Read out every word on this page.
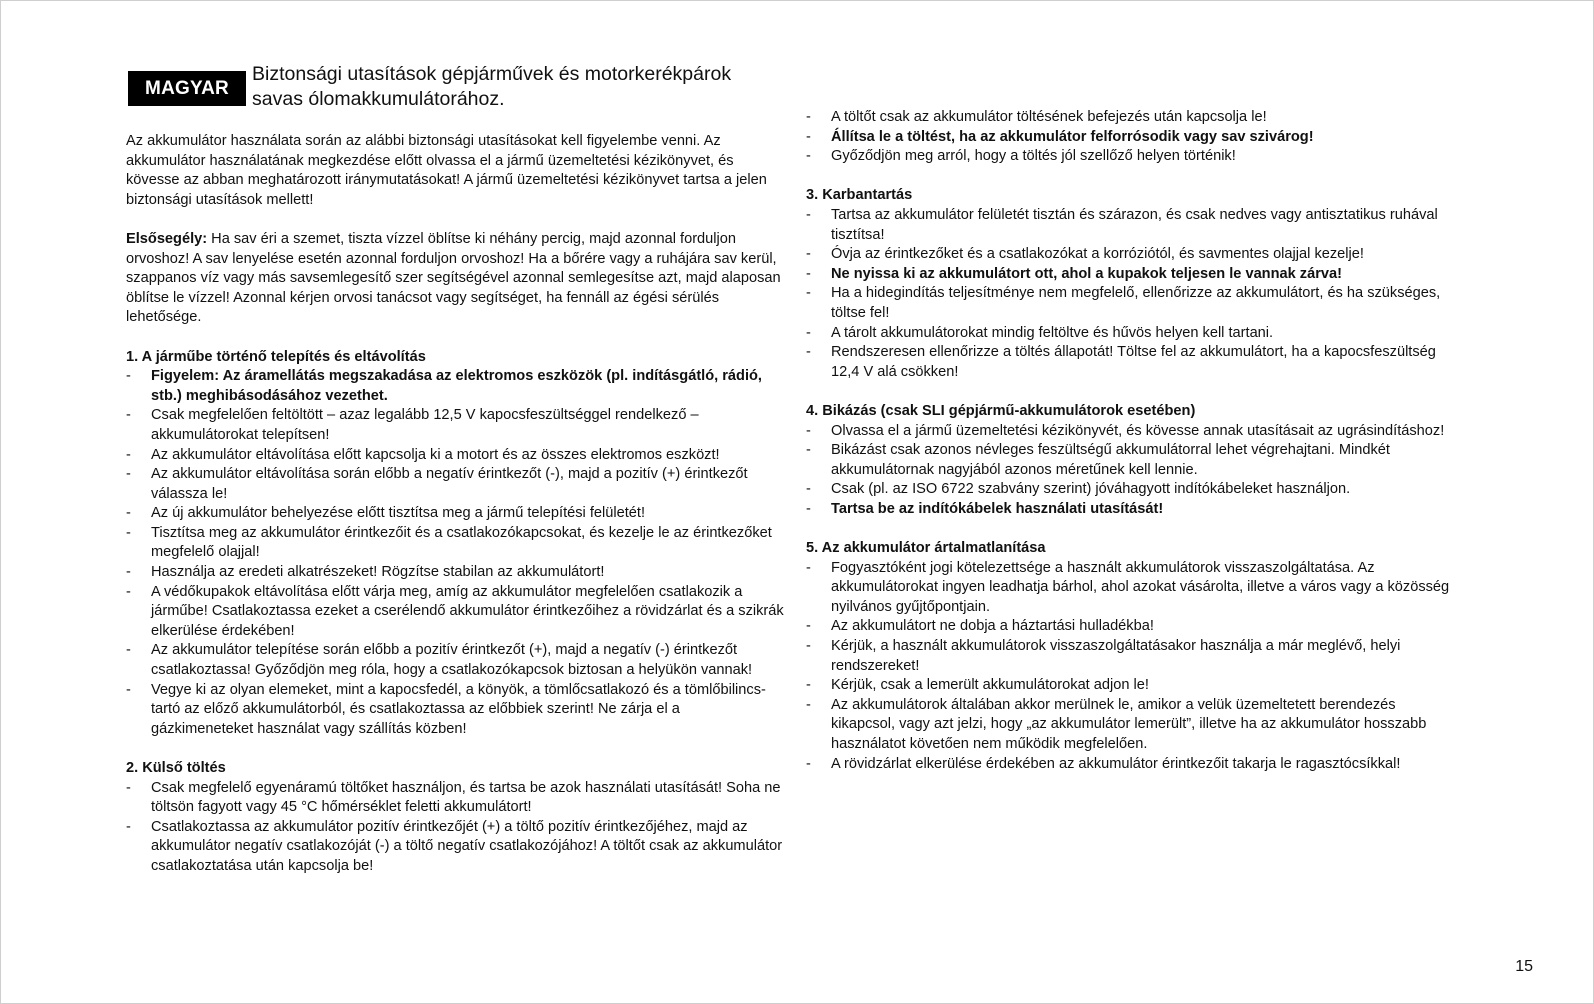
MAGYAR
Biztonsági utasítások gépjárművek és motorkerékpárok
savas ólomakkumulátorához.

Az akkumulátor használata során az alábbi biztonsági utasításokat kell figyelembe venni. Az akkumulátor használatának megkezdése előtt olvassa el a jármű üzemeltetési kézikönyvet, és kövesse az abban meghatározott iránymutatásokat! A jármű üzemeltetési kézikönyvet tartsa a jelen biztonsági utasítások mellett!

Elsősegély: Ha sav éri a szemet, tiszta vízzel öblítse ki néhány percig, majd azonnal forduljon orvoshoz! A sav lenyelése esetén azonnal forduljon orvoshoz! Ha a bőrére vagy a ruhájára sav kerül, szappanos víz vagy más savsemlegesítő szer segítségével azonnal semlegesítse azt, majd alaposan öblítse le vízzel! Azonnal kérjen orvosi tanácsot vagy segítséget, ha fennáll az égési sérülés lehetősége.

1. A járműbe történő telepítés és eltávolítás

-	Figyelem: Az áramellátás megszakadása az elektromos eszközök (pl. indításgátló, rádió, stb.) meghibásodásához vezethet.
-	Csak megfelelően feltöltött – azaz legalább 12,5 V kapocsfeszültséggel rendelkező – akkumulátorokat telepítsen!
-	Az akkumulátor eltávolítása előtt kapcsolja ki a motort és az összes elektromos eszközt!
-	Az akkumulátor eltávolítása során előbb a negatív érintkezőt (-), majd a pozitív (+) érintkezőt válassza le!
-	Az új akkumulátor behelyezése előtt tisztítsa meg a jármű telepítési felületét!
-	Tisztítsa meg az akkumulátor érintkezőit és a csatlakozókapcsokat, és kezelje le az érintkezőket megfelelő olajjal!
-	Használja az eredeti alkatrészeket! Rögzítse stabilan az akkumulátort!
-	A védőkupakok eltávolítása előtt várja meg, amíg az akkumulátor megfelelően csatlakozik a járműbe! Csatlakoztassa ezeket a cserélendő akkumulátor érintkezőihez a rövidzárlat és a szikrák elkerülése érdekében!
-	Az akkumulátor telepítése során előbb a pozitív érintkezőt (+), majd a negatív (-) érintkezőt csatlakoztassa! Győződjön meg róla, hogy a csatlakozókapcsok biztosan a helyükön vannak!
-	Vegye ki az olyan elemeket, mint a kapocsfedél, a könyök, a tömlőcsatlakozó és a tömlőbilincs-tartó az előző akkumulátorból, és csatlakoztassa az előbbiek szerint! Ne zárja el a gázkimeneteket használat vagy szállítás közben!

2. Külső töltés

-	Csak megfelelő egyenáramú töltőket használjon, és tartsa be azok használati utasítását! Soha ne töltsön fagyott vagy 45 °C hőmérséklet feletti akkumulátort!
-	Csatlakoztassa az akkumulátor pozitív érintkezőjét (+) a töltő pozitív érintkezőjéhez, majd az akkumulátor negatív csatlakozóját (-) a töltő negatív csatlakozójához! A töltőt csak az akkumulátor csatlakoztatása után kapcsolja be!
-	A töltőt csak az akkumulátor töltésének befejezés után kapcsolja le!
-	Állítsa le a töltést, ha az akkumulátor felforrósodik vagy sav szivárog!
-	Győződjön meg arról, hogy a töltés jól szellőző helyen történik!

3. Karbantartás

-	Tartsa az akkumulátor felületét tisztán és szárazon, és csak nedves vagy antisztatikus ruhával tisztítsa!
-	Óvja az érintkezőket és a csatlakozókat a korróziótól, és savmentes olajjal kezelje!
-	Ne nyissa ki az akkumulátort ott, ahol a kupakok teljesen le vannak zárva!
-	Ha a hidegindítás teljesítménye nem megfelelő, ellenőrizze az akkumulátort, és ha szükséges, töltse fel!
-	A tárolt akkumulátorokat mindig feltöltve és hűvös helyen kell tartani.
-	Rendszeresen ellenőrizze a töltés állapotát! Töltse fel az akkumulátort, ha a kapocsfeszültség 12,4 V alá csökken!

4. Bikázás (csak SLI gépjármű-akkumulátorok esetében)

-	Olvassa el a jármű üzemeltetési kézikönyvét, és kövesse annak utasításait az ugrásindításhoz!
-	Bikázást csak azonos névleges feszültségű akkumulátorral lehet végrehajtani. Mindkét akkumulátornak nagyjából azonos méretűnek kell lennie.
-	Csak (pl. az ISO 6722 szabvány szerint) jóváhagyott indítókábeleket használjon.
-	Tartsa be az indítókábelek használati utasítását!

5. Az akkumulátor ártalmatlanítása

-	Fogyasztóként jogi kötelezettsége a használt akkumulátorok visszaszolgáltatása. Az akkumulátorokat ingyen leadhatja bárhol, ahol azokat vásárolta, illetve a város vagy a közösség nyilvános gyűjtőpontjain.
-	Az akkumulátort ne dobja a háztartási hulladékba!
-	Kérjük, a használt akkumulátorok visszaszolgáltatásakor használja a már meglévő, helyi rendszereket!
-	Kérjük, csak a lemerült akkumulátorokat adjon le!
-	Az akkumulátorok általában akkor merülnek le, amikor a velük üzemeltetett berendezés kikapcsol, vagy azt jelzi, hogy „az akkumulátor lemerült”, illetve ha az akkumulátor hosszabb használatot követően nem működik megfelelően.
-	A rövidzárlat elkerülése érdekében az akkumulátor érintkezőit takarja le ragasztócsíkkal!
15
